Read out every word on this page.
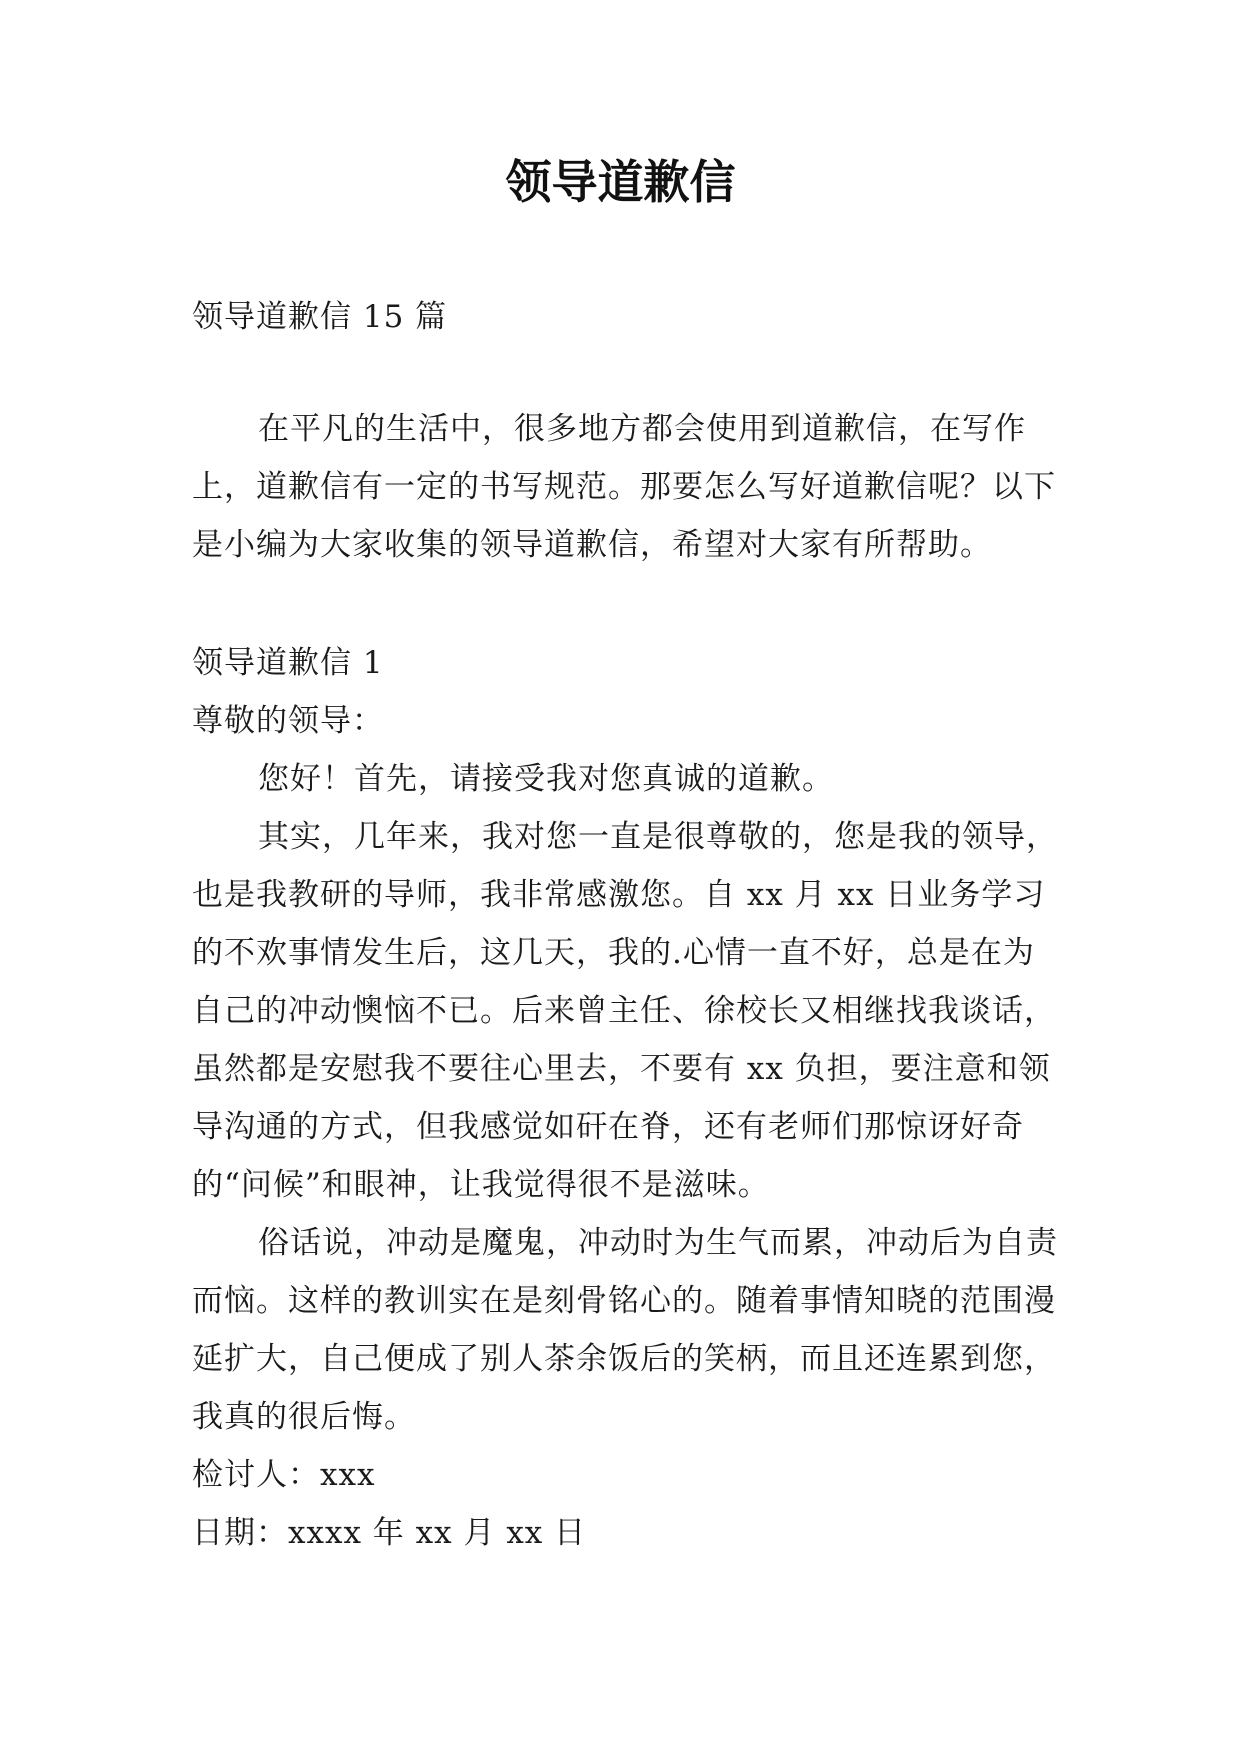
领导道歉信

领导道歉信 15 篇

在平凡的生活中，很多地方都会使用到道歉信，在写作上，道歉信有一定的书写规范。那要怎么写好道歉信呢？以下是小编为大家收集的领导道歉信，希望对大家有所帮助。

领导道歉信 1

尊敬的领导：

您好！首先，请接受我对您真诚的道歉。

其实，几年来，我对您一直是很尊敬的，您是我的领导，也是我教研的导师，我非常感激您。自 xx 月 xx 日业务学习的不欢事情发生后，这几天，我的.心情一直不好，总是在为自己的冲动懊恼不已。后来曾主任、徐校长又相继找我谈话，虽然都是安慰我不要往心里去，不要有 xx 负担，要注意和领导沟通的方式，但我感觉如矸在脊，还有老师们那惊讶好奇的“问候”和眼神，让我觉得很不是滋味。

俗话说，冲动是魔鬼，冲动时为生气而累，冲动后为自责而恼。这样的教训实在是刻骨铭心的。随着事情知晓的范围漫延扩大，自己便成了别人茶余饭后的笑柄，而且还连累到您，我真的很后悔。

检讨人：xxx

日期：xxxx 年 xx 月 xx 日
